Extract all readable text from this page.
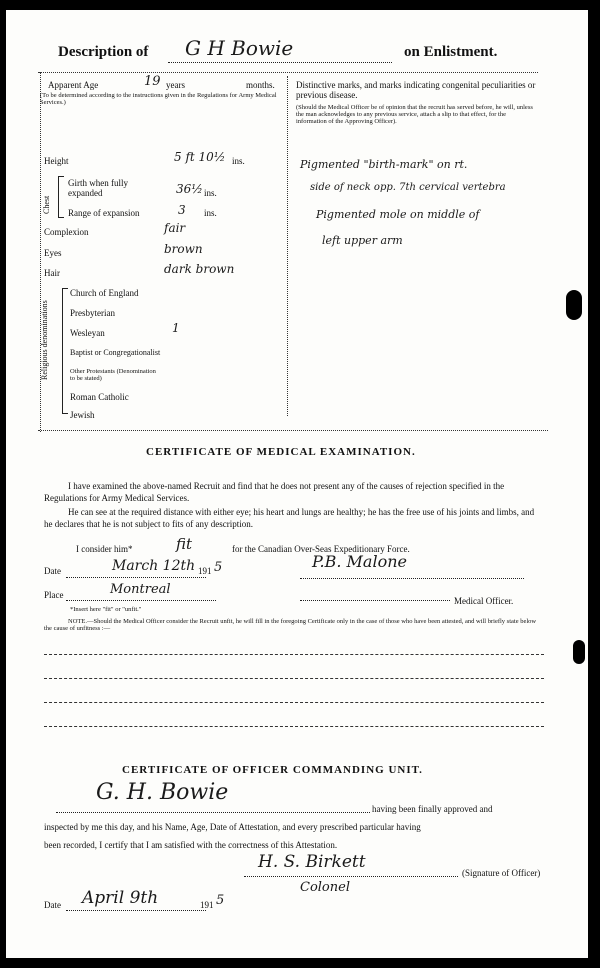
Description of G H Bowie	on Enlistment.
Apparent Age	19 years	months.
(To be determined according to the instructions given in the Regulations for Army Medical Services.)
Height	5 ft 10½ ins.
Chest
Girth when fully expanded	36½ ins.
Range of expansion	3 ins.
Complexion	fair
Eyes	brown
Hair	dark brown
Religious denominations
Church of England
Presbyterian
Wesleyan	1
Baptist or Congregationalist
Other Protestants (Denomination to be stated)
Roman Catholic
Jewish
Distinctive marks, and marks indicating congenital peculiarities or previous disease.
(Should the Medical Officer be of opinion that the recruit has served before, he will, unless the man acknowledges to any previous service, attach a slip to that effect, for the information of the Approving Officer).
Pigmented "birth-mark" on rt.
side of neck opp. 7th cervical vertebra
Pigmented mole on middle of
left upper arm
CERTIFICATE OF MEDICAL EXAMINATION.
I have examined the above-named Recruit and find that he does not present any of the causes of rejection specified in the Regulations for Army Medical Services.
He can see at the required distance with either eye; his heart and lungs are healthy; he has the free use of his joints and limbs, and he declares that he is not subject to fits of any description.
I consider him*	fit	for the Canadian Over-Seas Expeditionary Force.
Date	March 12th 191 5	P.B. Malone
Place	Montreal
Medical Officer.
*Insert here "fit" or "unfit."
NOTE.—Should the Medical Officer consider the Recruit unfit, he will fill in the foregoing Certificate only in the case of those who have been attested, and will briefly state below the cause of unfitness :—
CERTIFICATE OF OFFICER COMMANDING UNIT.
G. H. Bowie
having been finally approved and
inspected by me this day, and his Name, Age, Date of Attestation, and every prescribed particular having
been recorded, I certify that I am satisfied with the correctness of this Attestation.
H. S. Birkett
(Signature of Officer)
Colonel
Date April 9th	191 5
